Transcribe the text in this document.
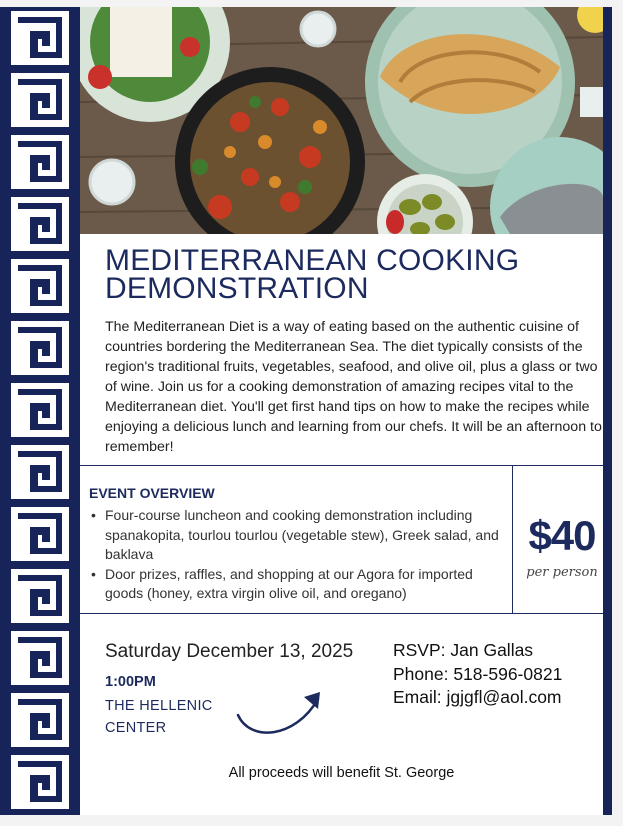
MEDITERRANEAN COOKING
DEMONSTRATION

The Mediterranean Diet is a way of eating based on the authentic cuisine of countries bordering the Mediterranean Sea. The diet typically consists of the region's traditional fruits, vegetables, seafood, and olive oil, plus a glass or two of wine. Join us for a cooking demonstration of amazing recipes vital to the Mediterranean diet. You'll get first hand tips on how to make the recipes while enjoying a delicious lunch and learning from our chefs. It will be an afternoon to remember!

EVENT OVERVIEW
• Four-course luncheon and cooking demonstration including spanakopita, tourlou tourlou (vegetable stew), Greek salad, and baklava
• Door prizes, raffles, and shopping at our Agora for imported goods (honey, extra virgin olive oil, and oregano)
$40
per person
Saturday December 13, 2025
1:00PM
THE HELLENIC
CENTER
RSVP: Jan Gallas
Phone: 518-596-0821
Email: jgjgfl@aol.com
All proceeds will benefit St. George
